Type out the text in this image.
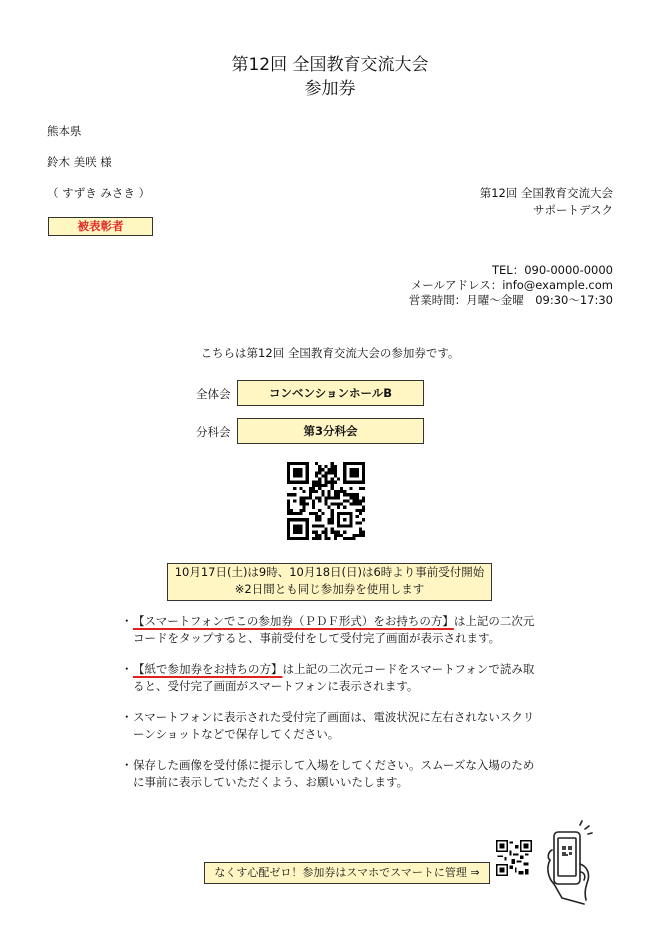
第12回 全国教育交流大会
参加券
熊本県
鈴木 美咲 様
（ すずき みさき ）
被表彰者
第12回 全国教育交流大会
サポートデスク
TEL：090-0000-0000
メールアドレス：info@example.com
営業時間：月曜〜金曜　09:30〜17:30
こちらは第12回 全国教育交流大会の参加券です。
全体会	コンベンションホールB
分科会	第3分科会
10月17日(土)は9時、10月18日(日)は6時より事前受付開始
※2日間とも同じ参加券を使用します
・ 【スマートフォンでこの参加券（ＰＤＦ形式）をお持ちの方】は上記の二次元コードをタップすると、事前受付をして受付完了画面が表示されます。
・ 【紙で参加券をお持ちの方】は上記の二次元コードをスマートフォンで読み取ると、受付完了画面がスマートフォンに表示されます。
・ スマートフォンに表示された受付完了画面は、電波状況に左右されないスクリーンショットなどで保存してください。
・ 保存した画像を受付係に提示して入場をしてください。スムーズな入場のために事前に表示していただくよう、お願いいたします。
なくす心配ゼロ！参加券はスマホでスマートに管理 ⇒
